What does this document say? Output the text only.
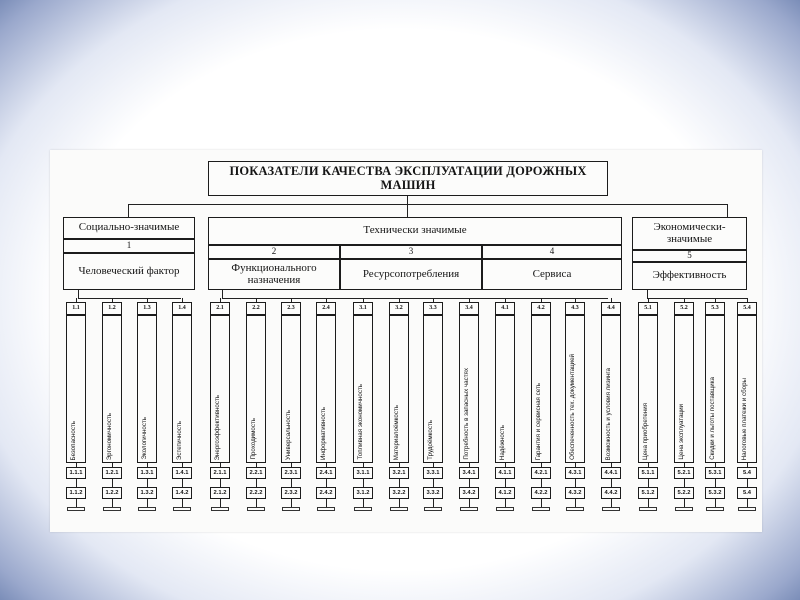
ПОКАЗАТЕЛИ КАЧЕСТВА ЭКСПЛУАТАЦИИ ДОРОЖНЫХ МАШИН
Социально-значимые	Технически значимые	Экономически-значимые
1
Человеческий фактор
2
Функционального назначения
3
Ресурсопотребления
4
Сервиса
5
Эффективность
1.1
Безопасность
1.1.1
1.1.2
1.2
Эргономичность
1.2.1
1.2.2
1.3
Экологичность
1.3.1
1.3.2
1.4
Эстетичность
1.4.1
1.4.2
2.1
Энергоэффективность
2.1.1
2.1.2
2.2
Проходимость
2.2.1
2.2.2
2.3
Универсальность
2.3.1
2.3.2
2.4
Информативность
2.4.1
2.4.2
3.1
Топливная экономичность
3.1.1
3.1.2
3.2
Материалоёмкость
3.2.1
3.2.2
3.3
Трудоёмкость
3.3.1
3.3.2
3.4
Потребность в запасных частях
3.4.1
3.4.2
4.1
Надёжность
4.1.1
4.1.2
4.2
Гарантия и сервисная сеть
4.2.1
4.2.2
4.3
Обеспеченность тех. документацией
4.3.1
4.3.2
4.4
Возможность и условия лизинга
4.4.1
4.4.2
5.1
Цена приобретения
5.1.1
5.1.2
5.2
Цена эксплуатации
5.2.1
5.2.2
5.3
Скидки и льготы поставщика
5.3.1
5.3.2
5.4
Налоговые платежи и сборы
5.4
5.4
